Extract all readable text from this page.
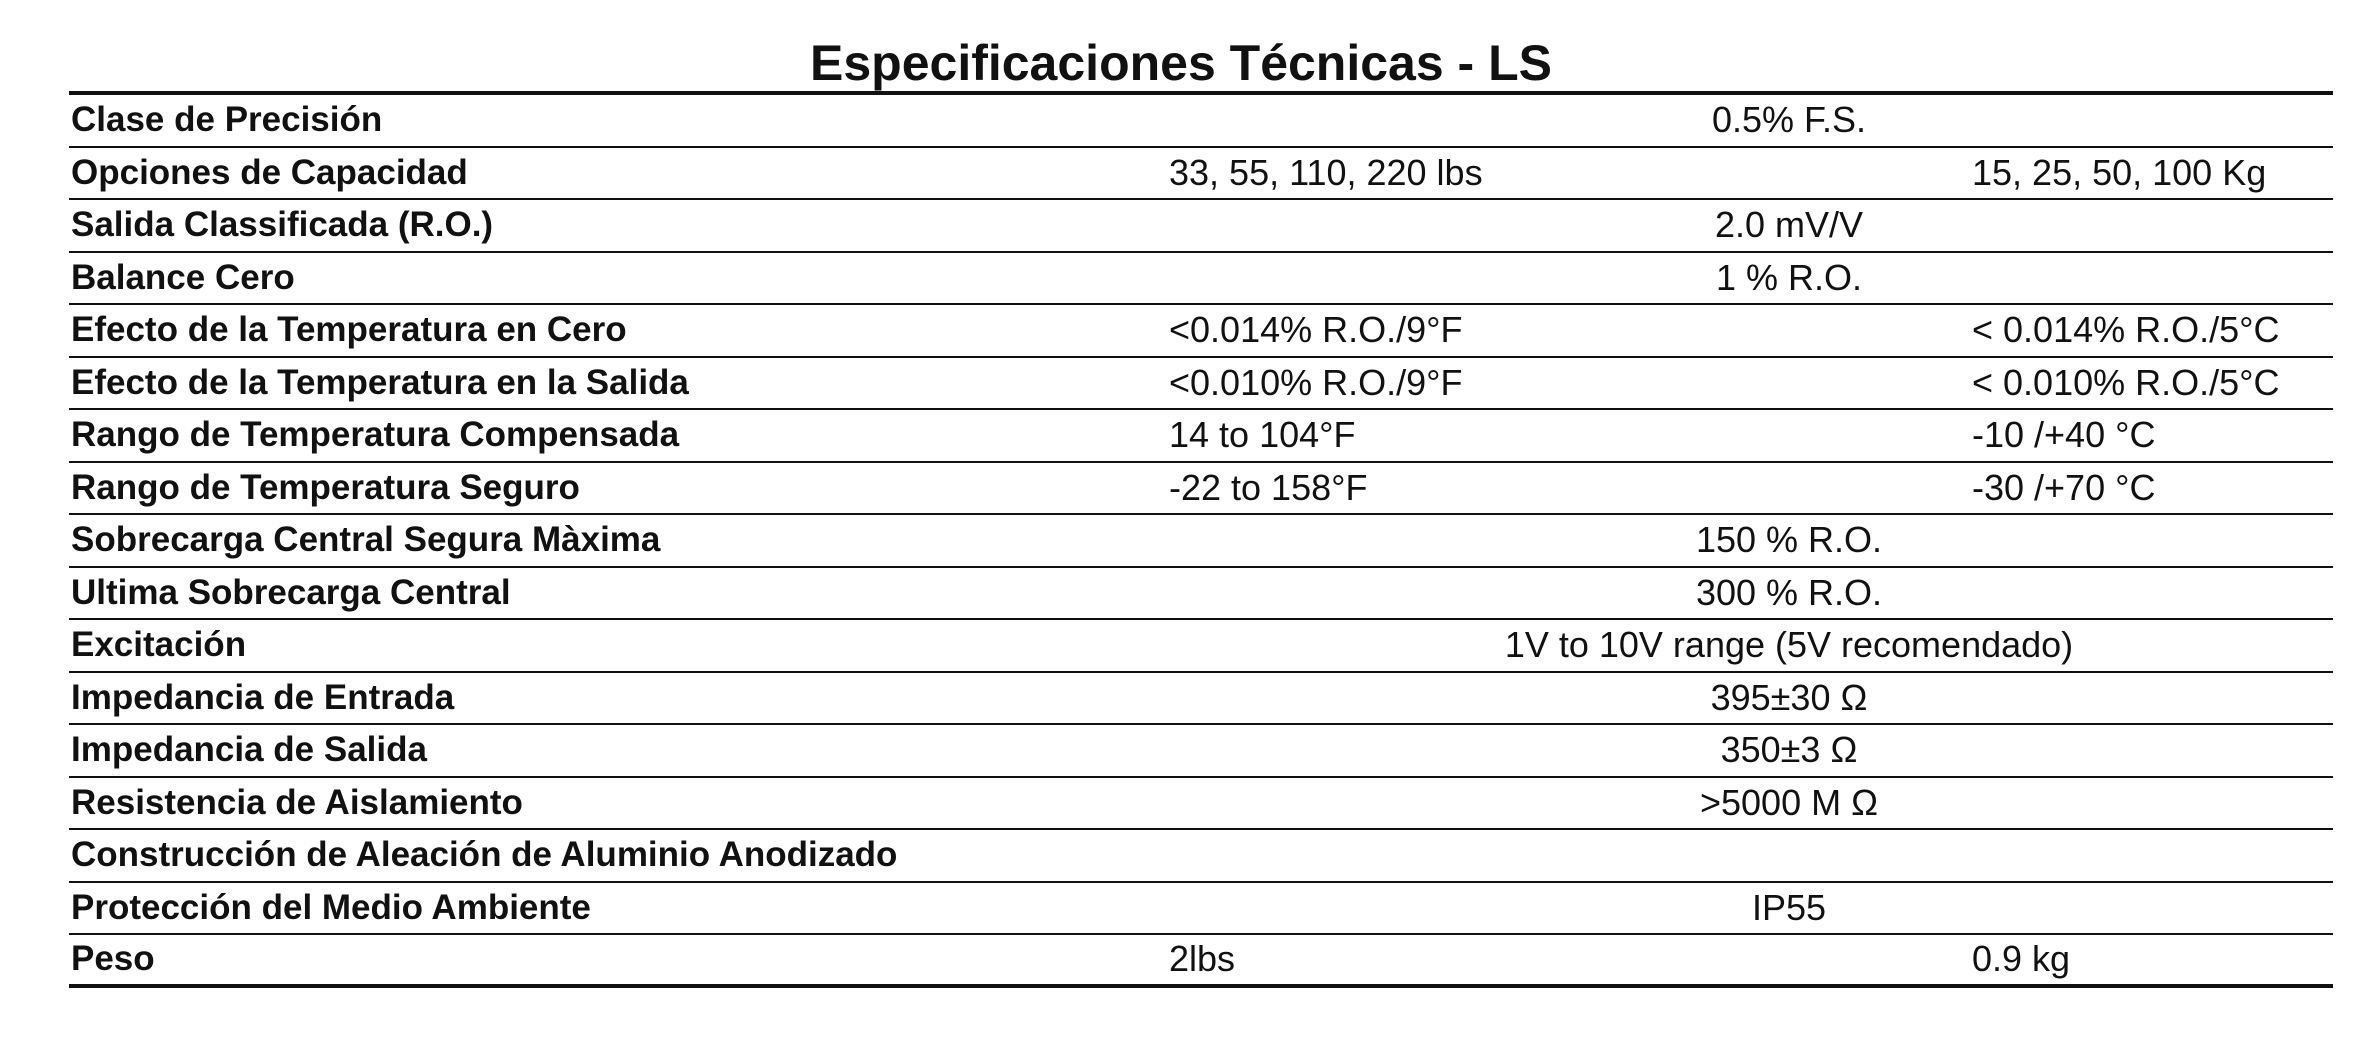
Especificaciones Técnicas - LS
Clase de Precisión	0.5% F.S.
Opciones de Capacidad	33, 55, 110, 220 lbs	15, 25, 50, 100 Kg
Salida Classificada (R.O.)	2.0 mV/V
Balance Cero	1 % R.O.
Efecto de la Temperatura en Cero	<0.014% R.O./9°F	< 0.014% R.O./5°C
Efecto de la Temperatura en la Salida	<0.010% R.O./9°F	< 0.010% R.O./5°C
Rango de Temperatura Compensada	14 to 104°F	-10 /+40 °C
Rango de Temperatura Seguro	-22 to 158°F	-30 /+70 °C
Sobrecarga Central Segura Màxima	150 % R.O.
Ultima Sobrecarga Central	300 % R.O.
Excitación	1V to 10V range (5V recomendado)
Impedancia de Entrada	395±30 Ω
Impedancia de Salida	350±3 Ω
Resistencia de Aislamiento	>5000 M Ω
Construcción de Aleación de Aluminio Anodizado
Protección del Medio Ambiente	IP55
Peso	2lbs	0.9 kg
